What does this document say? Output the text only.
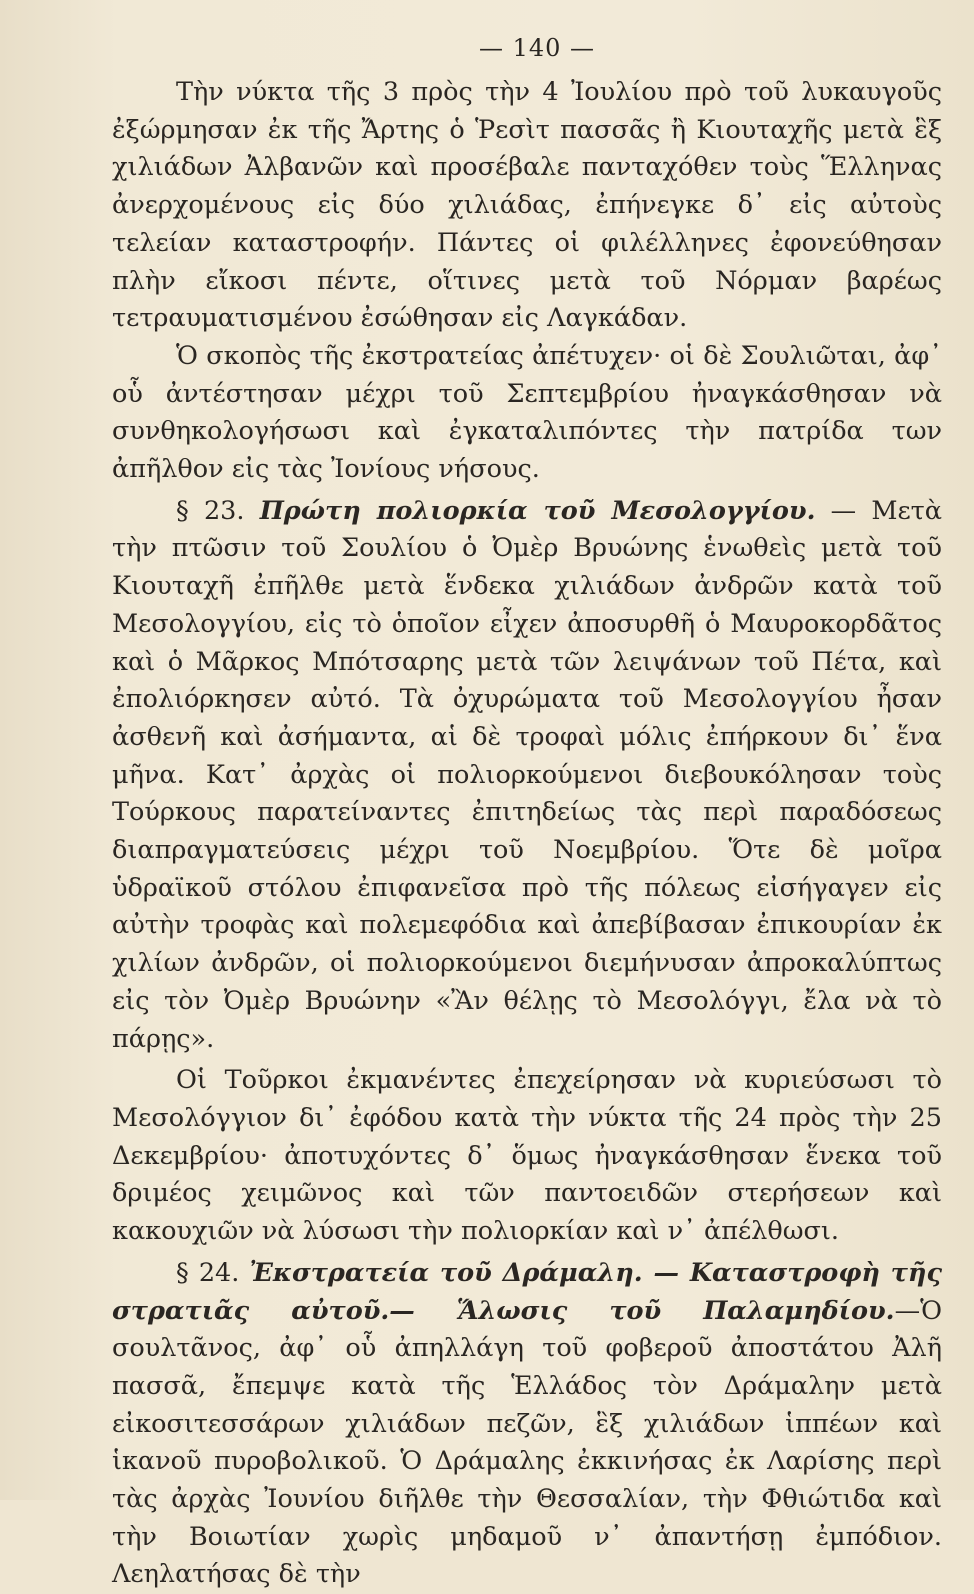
— 140 —

Τὴν νύκτα τῆς 3 πρὸς τὴν 4 Ἰουλίου πρὸ τοῦ λυκαυγοῦς ἐξώρμησαν ἐκ τῆς Ἄρτης ὁ Ῥεσὶτ πασσᾶς ἢ Κιουταχῆς μετὰ ἓξ χιλιάδων Ἀλβανῶν καὶ προσέβαλε πανταχόθεν τοὺς Ἕλληνας ἀνερχομένους εἰς δύο χιλιάδας, ἐπήνεγκε δ᾽ εἰς αὐτοὺς τελείαν καταστροφήν. Πάντες οἱ φιλέλληνες ἐφονεύθησαν πλὴν εἴκοσι πέντε, οἵτινες μετὰ τοῦ Νόρμαν βαρέως τετραυματισμένου ἐσώθησαν εἰς Λαγκάδαν.

Ὁ σκοπὸς τῆς ἐκστρατείας ἀπέτυχεν· οἱ δὲ Σουλιῶται, ἀφ᾽ οὗ ἀντέστησαν μέχρι τοῦ Σεπτεμβρίου ἠναγκάσθησαν νὰ συνθηκολογήσωσι καὶ ἐγκαταλιπόντες τὴν πατρίδα των ἀπῆλθον εἰς τὰς Ἰονίους νήσους.

§ 23. Πρώτη πολιορκία τοῦ Μεσολογγίου. — Μετὰ τὴν πτῶσιν τοῦ Σουλίου ὁ Ὀμὲρ Βρυώνης ἑνωθεὶς μετὰ τοῦ Κιουταχῆ ἐπῆλθε μετὰ ἕνδεκα χιλιάδων ἀνδρῶν κατὰ τοῦ Μεσολογγίου, εἰς τὸ ὁποῖον εἶχεν ἀποσυρθῆ ὁ Μαυροκορδᾶτος καὶ ὁ Μᾶρκος Μπότσαρης μετὰ τῶν λειψάνων τοῦ Πέτα, καὶ ἐπολιόρκησεν αὐτό. Τὰ ὀχυρώματα τοῦ Μεσολογγίου ἦσαν ἀσθενῆ καὶ ἀσήμαντα, αἱ δὲ τροφαὶ μόλις ἐπήρκουν δι᾽ ἕνα μῆνα. Κατ᾽ ἀρχὰς οἱ πολιορκούμενοι διεβουκόλησαν τοὺς Τούρκους παρατείναντες ἐπιτηδείως τὰς περὶ παραδόσεως διαπραγματεύσεις μέχρι τοῦ Νοεμβρίου. Ὅτε δὲ μοῖρα ὑδραϊκοῦ στόλου ἐπιφανεῖσα πρὸ τῆς πόλεως εἰσήγαγεν εἰς αὐτὴν τροφὰς καὶ πολεμεφόδια καὶ ἀπεβίβασαν ἐπικουρίαν ἐκ χιλίων ἀνδρῶν, οἱ πολιορκούμενοι διεμήνυσαν ἀπροκαλύπτως εἰς τὸν Ὀμὲρ Βρυώνην «Ἂν θέλῃς τὸ Μεσολόγγι, ἔλα νὰ τὸ πάρῃς».

Οἱ Τοῦρκοι ἐκμανέντες ἐπεχείρησαν νὰ κυριεύσωσι τὸ Μεσολόγγιον δι᾽ ἐφόδου κατὰ τὴν νύκτα τῆς 24 πρὸς τὴν 25 Δεκεμβρίου· ἀποτυχόντες δ᾽ ὅμως ἠναγκάσθησαν ἕνεκα τοῦ δριμέος χειμῶνος καὶ τῶν παντοειδῶν στερήσεων καὶ κακουχιῶν νὰ λύσωσι τὴν πολιορκίαν καὶ ν᾽ ἀπέλθωσι.

§ 24. Ἐκστρατεία τοῦ Δράμαλη. — Καταστροφὴ τῆς στρατιᾶς αὐτοῦ.— Ἅλωσις τοῦ Παλαμηδίου.—Ὁ σουλτᾶνος, ἀφ᾽ οὗ ἀπηλλάγη τοῦ φοβεροῦ ἀποστάτου Ἀλῆ πασσᾶ, ἔπεμψε κατὰ τῆς Ἑλλάδος τὸν Δράμαλην μετὰ εἰκοσιτεσσάρων χιλιάδων πεζῶν, ἓξ χιλιάδων ἱππέων καὶ ἱκανοῦ πυροβολικοῦ. Ὁ Δράμαλης ἐκκινήσας ἐκ Λαρίσης περὶ τὰς ἀρχὰς Ἰουνίου διῆλθε τὴν Θεσσαλίαν, τὴν Φθιώτιδα καὶ τὴν Βοιωτίαν χωρὶς μηδαμοῦ ν᾽ ἀπαντήσῃ ἐμπόδιον. Λεηλατήσας δὲ τὴν
